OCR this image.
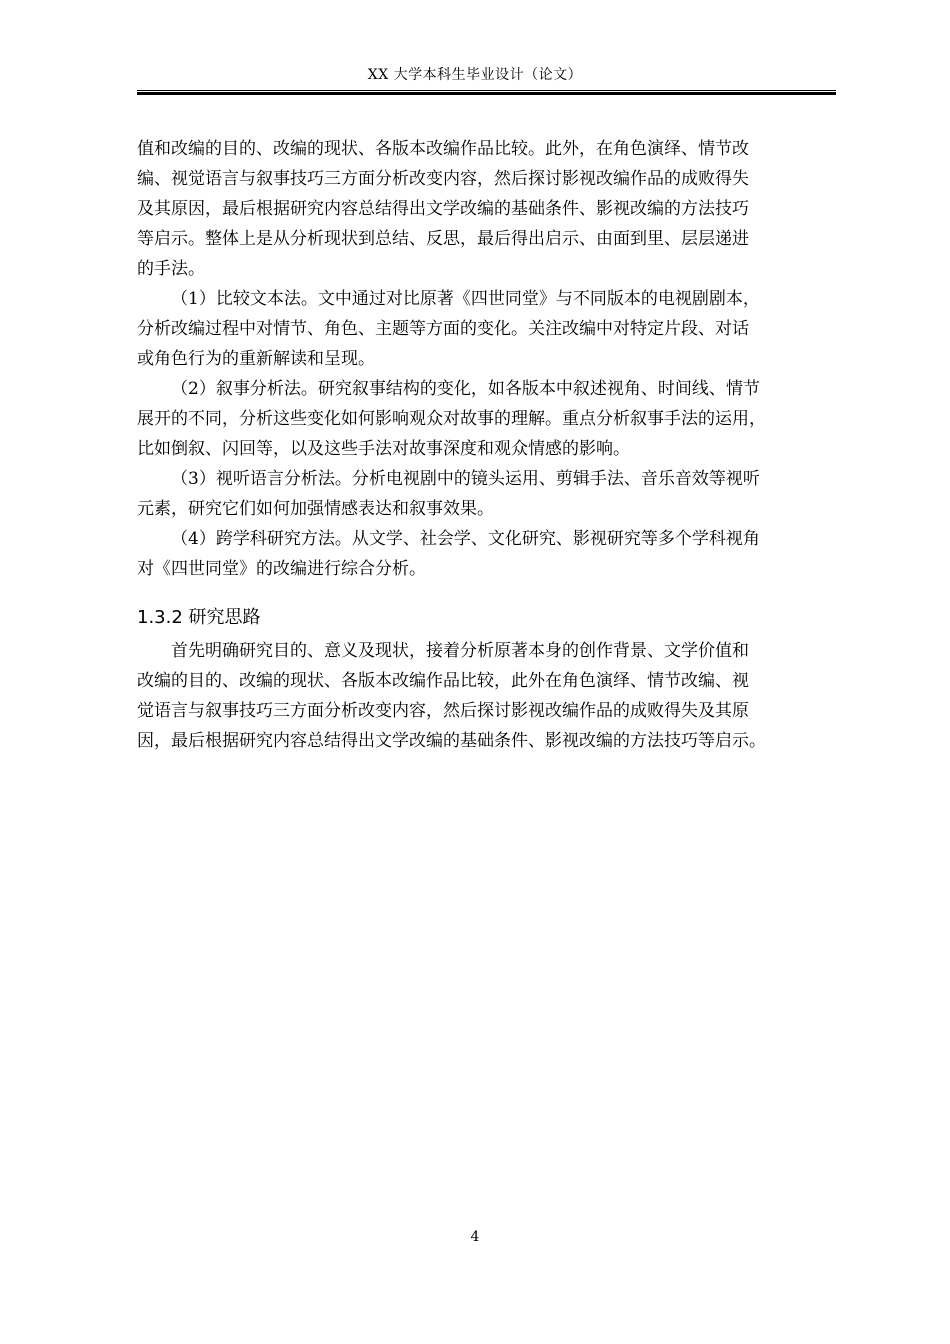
XX 大学本科生毕业设计（论文）

值和改编的目的、改编的现状、各版本改编作品比较。此外，在角色演绎、情节改

编、视觉语言与叙事技巧三方面分析改变内容，然后探讨影视改编作品的成败得失

及其原因，最后根据研究内容总结得出文学改编的基础条件、影视改编的方法技巧

等启示。整体上是从分析现状到总结、反思，最后得出启示、由面到里、层层递进

的手法。

（1）比较文本法。文中通过对比原著《四世同堂》与不同版本的电视剧剧本，

分析改编过程中对情节、角色、主题等方面的变化。关注改编中对特定片段、对话

或角色行为的重新解读和呈现。

（2）叙事分析法。研究叙事结构的变化，如各版本中叙述视角、时间线、情节

展开的不同，分析这些变化如何影响观众对故事的理解。重点分析叙事手法的运用，

比如倒叙、闪回等，以及这些手法对故事深度和观众情感的影响。

（3）视听语言分析法。分析电视剧中的镜头运用、剪辑手法、音乐音效等视听

元素，研究它们如何加强情感表达和叙事效果。

（4）跨学科研究方法。从文学、社会学、文化研究、影视研究等多个学科视角

对《四世同堂》的改编进行综合分析。

1.3.2 研究思路

首先明确研究目的、意义及现状，接着分析原著本身的创作背景、文学价值和

改编的目的、改编的现状、各版本改编作品比较，此外在角色演绎、情节改编、视

觉语言与叙事技巧三方面分析改变内容，然后探讨影视改编作品的成败得失及其原

因，最后根据研究内容总结得出文学改编的基础条件、影视改编的方法技巧等启示。

4
